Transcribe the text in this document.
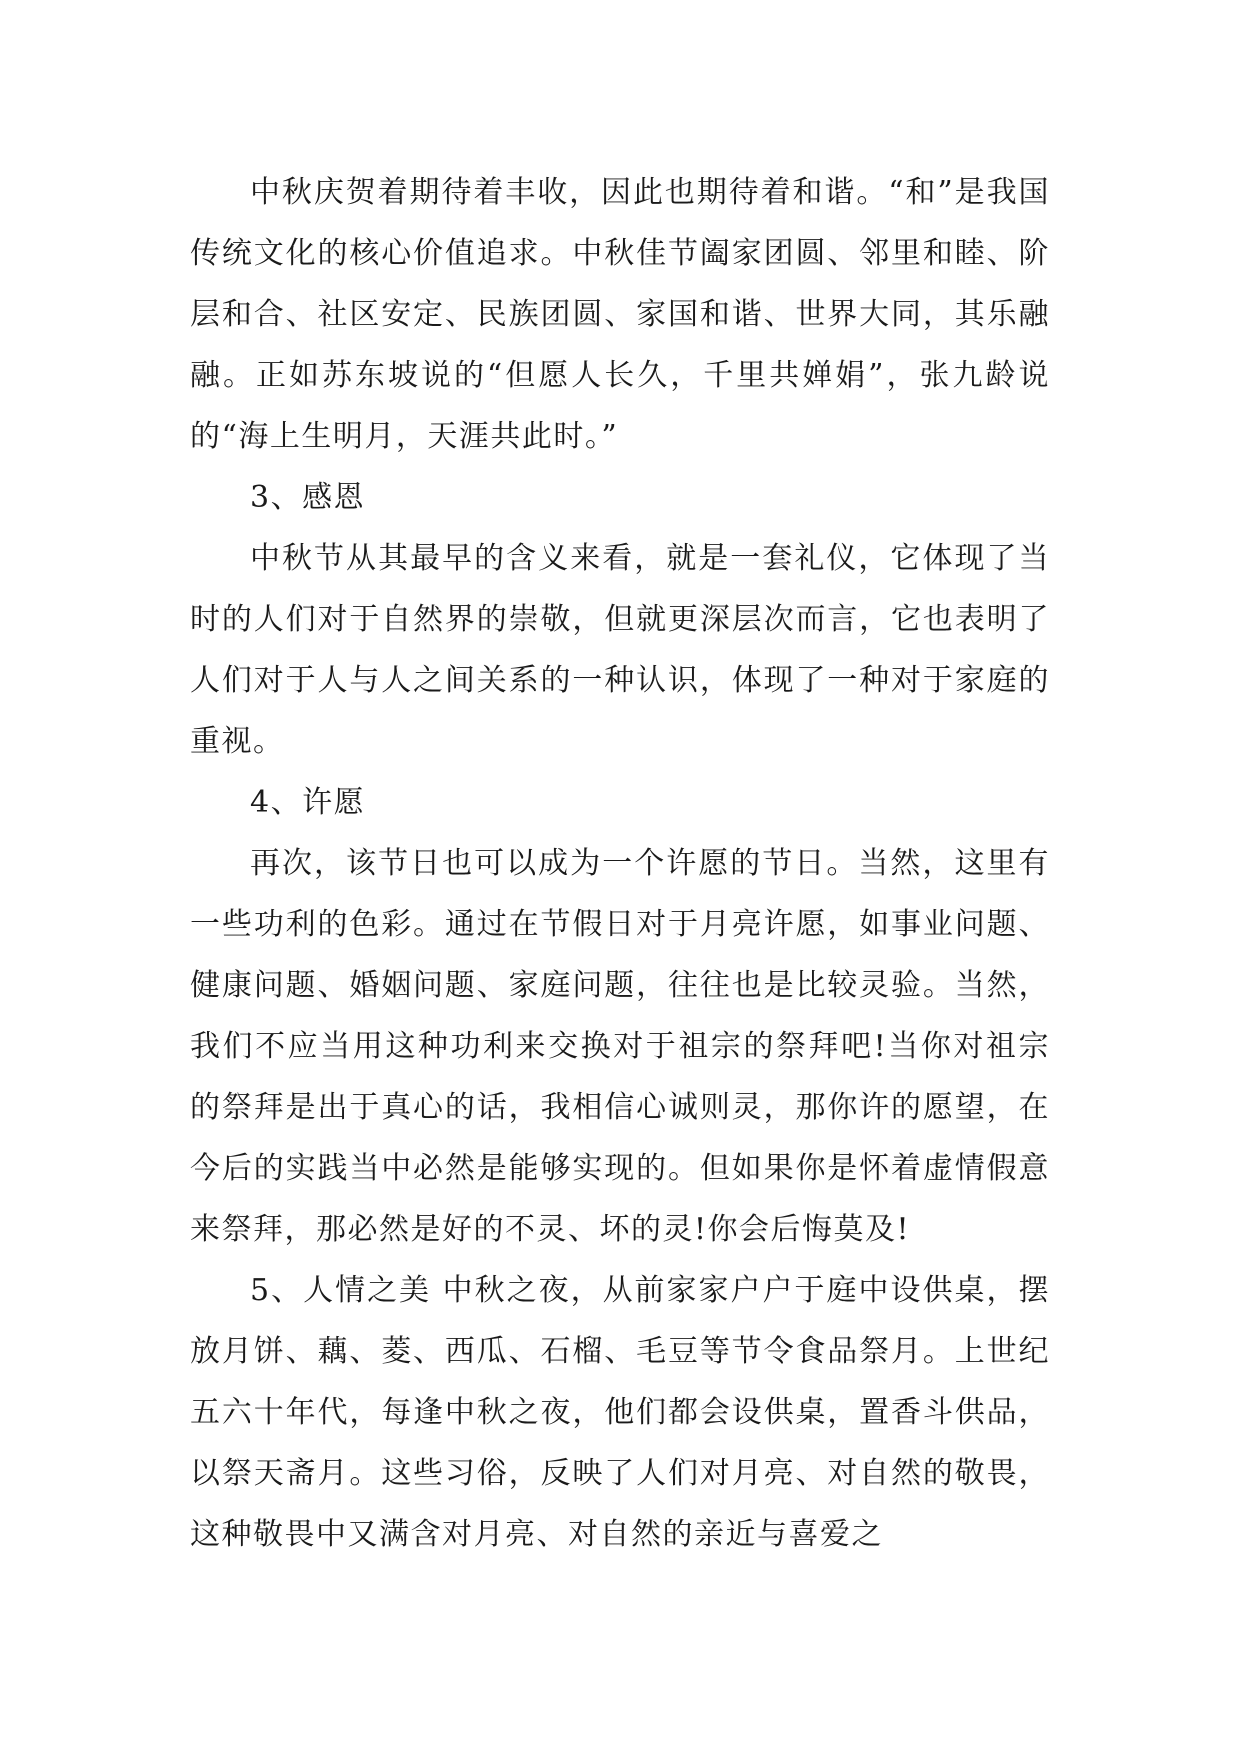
中秋庆贺着期待着丰收，因此也期待着和谐。“和”是我国传统文化的核心价值追求。中秋佳节阖家团圆、邻里和睦、阶层和合、社区安定、民族团圆、家国和谐、世界大同，其乐融融。正如苏东坡说的“但愿人长久，千里共婵娟”，张九龄说的“海上生明月，天涯共此时。”

3、感恩

中秋节从其最早的含义来看，就是一套礼仪，它体现了当时的人们对于自然界的崇敬，但就更深层次而言，它也表明了人们对于人与人之间关系的一种认识，体现了一种对于家庭的重视。

4、许愿

再次，该节日也可以成为一个许愿的节日。当然，这里有一些功利的色彩。通过在节假日对于月亮许愿，如事业问题、健康问题、婚姻问题、家庭问题，往往也是比较灵验。当然，我们不应当用这种功利来交换对于祖宗的祭拜吧!当你对祖宗的祭拜是出于真心的话，我相信心诚则灵，那你许的愿望，在今后的实践当中必然是能够实现的。但如果你是怀着虚情假意来祭拜，那必然是好的不灵、坏的灵!你会后悔莫及!

5、人情之美 中秋之夜，从前家家户户于庭中设供桌，摆放月饼、藕、菱、西瓜、石榴、毛豆等节令食品祭月。上世纪五六十年代，每逢中秋之夜，他们都会设供桌，置香斗供品，以祭天斋月。这些习俗，反映了人们对月亮、对自然的敬畏，这种敬畏中又满含对月亮、对自然的亲近与喜爱之
